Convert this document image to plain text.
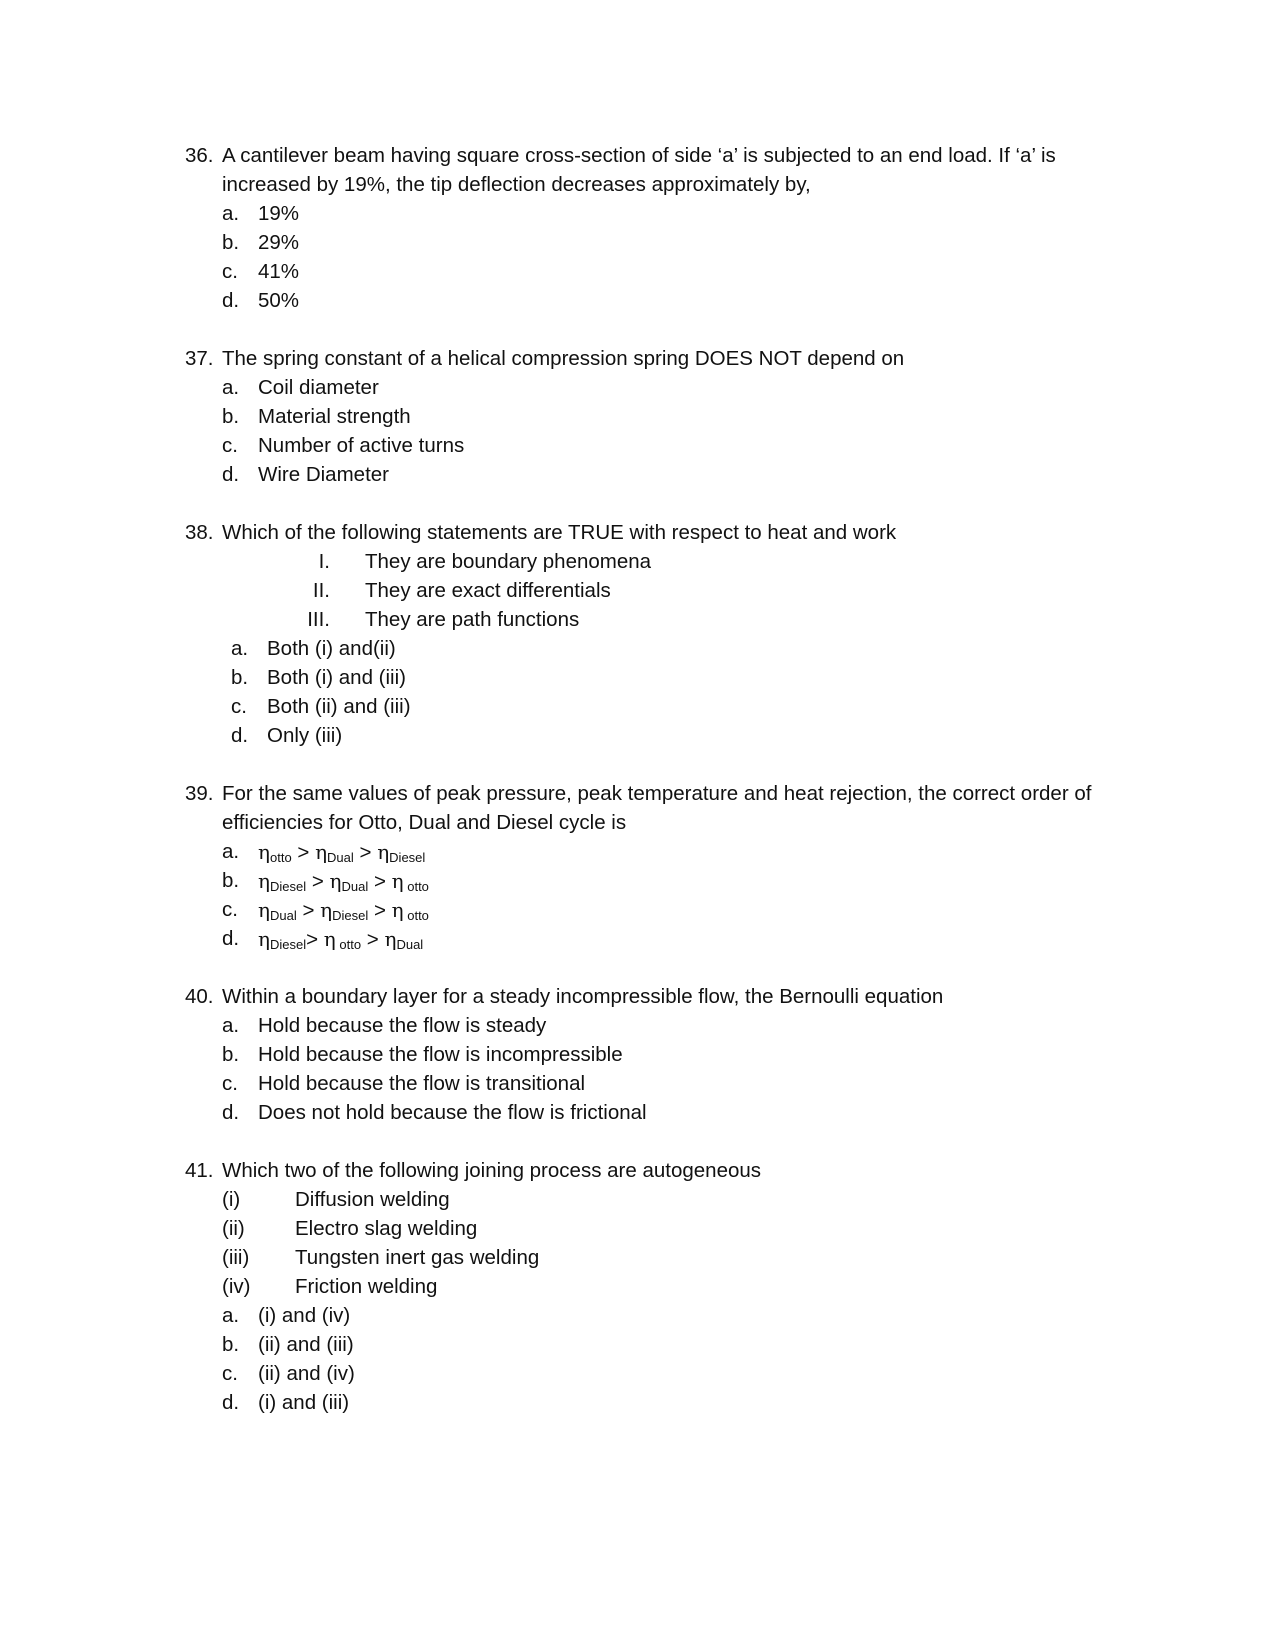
36. A cantilever beam having square cross-section of side ‘a’ is subjected to an end load. If ‘a’ is
increased by 19%, the tip deflection decreases approximately by,
a. 19%
b. 29%
c. 41%
d. 50%
37. The spring constant of a helical compression spring DOES NOT depend on
a. Coil diameter
b. Material strength
c. Number of active turns
d. Wire Diameter
38. Which of the following statements are TRUE with respect to heat and work
I. They are boundary phenomena
II. They are exact differentials
III. They are path functions
a. Both (i) and(ii)
b. Both (i) and (iii)
c. Both (ii) and (iii)
d. Only (iii)
39. For the same values of peak pressure, peak temperature and heat rejection, the correct order of
efficiencies for Otto, Dual and Diesel cycle is
a. $\eta_{otto} > \eta_{Dual} > \eta_{Diesel}$
b. $\eta_{Diesel} > \eta_{Dual} > \eta$ $_{otto}$
c. $\eta_{Dual} > \eta_{Diesel} > \eta$ $_{otto}$
d. $\eta_{Diesel}> \eta$ $_{otto} > \eta_{Dual}$
40. Within a boundary layer for a steady incompressible flow, the Bernoulli equation
a. Hold because the flow is steady
b. Hold because the flow is incompressible
c. Hold because the flow is transitional
d. Does not hold because the flow is frictional
41. Which two of the following joining process are autogeneous
(i)	Diffusion welding
(ii) Electro slag welding
(iii) Tungsten inert gas welding
(iv) Friction welding
a. (i) and (iv)
b. (ii) and (iii)
c. (ii) and (iv)
d. (i) and (iii)
